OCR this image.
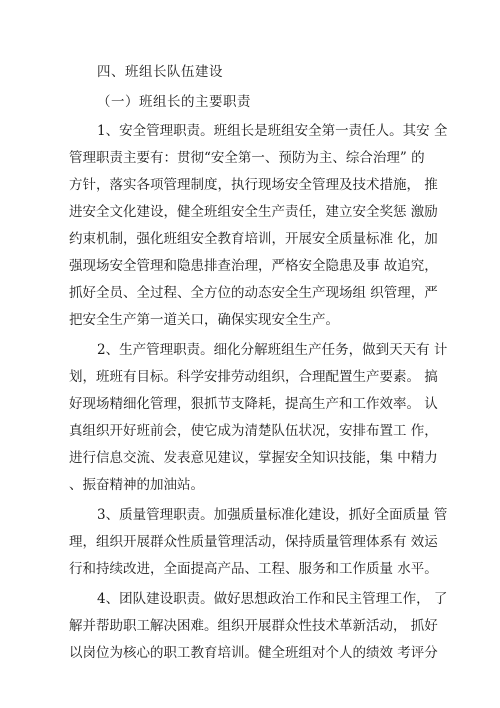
四、班组长队伍建设
（一）班组长的主要职责
1、安全管理职责。班组长是班组安全第一责任人。其安 全
管理职责主要有：贯彻“安全第一、预防为主、综合治理” 的
方针，落实各项管理制度，执行现场安全管理及技术措施， 推
进安全文化建设，健全班组安全生产责任，建立安全奖惩 激励
约束机制，强化班组安全教育培训，开展安全质量标准 化，加
强现场安全管理和隐患排查治理，严格安全隐患及事 故追究，
抓好全员、全过程、全方位的动态安全生产现场组 织管理，严
把安全生产第一道关口，确保实现安全生产。
2、生产管理职责。细化分解班组生产任务，做到天天有 计
划，班班有目标。科学安排劳动组织，合理配置生产要素。 搞
好现场精细化管理，狠抓节支降耗，提高生产和工作效率。 认
真组织开好班前会，使它成为清楚队伍状况，安排布置工 作，
进行信息交流、发表意见建议，掌握安全知识技能，集 中精力
、振奋精神的加油站。
3、质量管理职责。加强质量标准化建设，抓好全面质量 管
理，组织开展群众性质量管理活动，保持质量管理体系有 效运
行和持续改进，全面提高产品、工程、服务和工作质量 水平。
4、团队建设职责。做好思想政治工作和民主管理工作， 了
解并帮助职工解决困难。组织开展群众性技术革新活动， 抓好
以岗位为核心的职工教育培训。健全班组对个人的绩效 考评分
